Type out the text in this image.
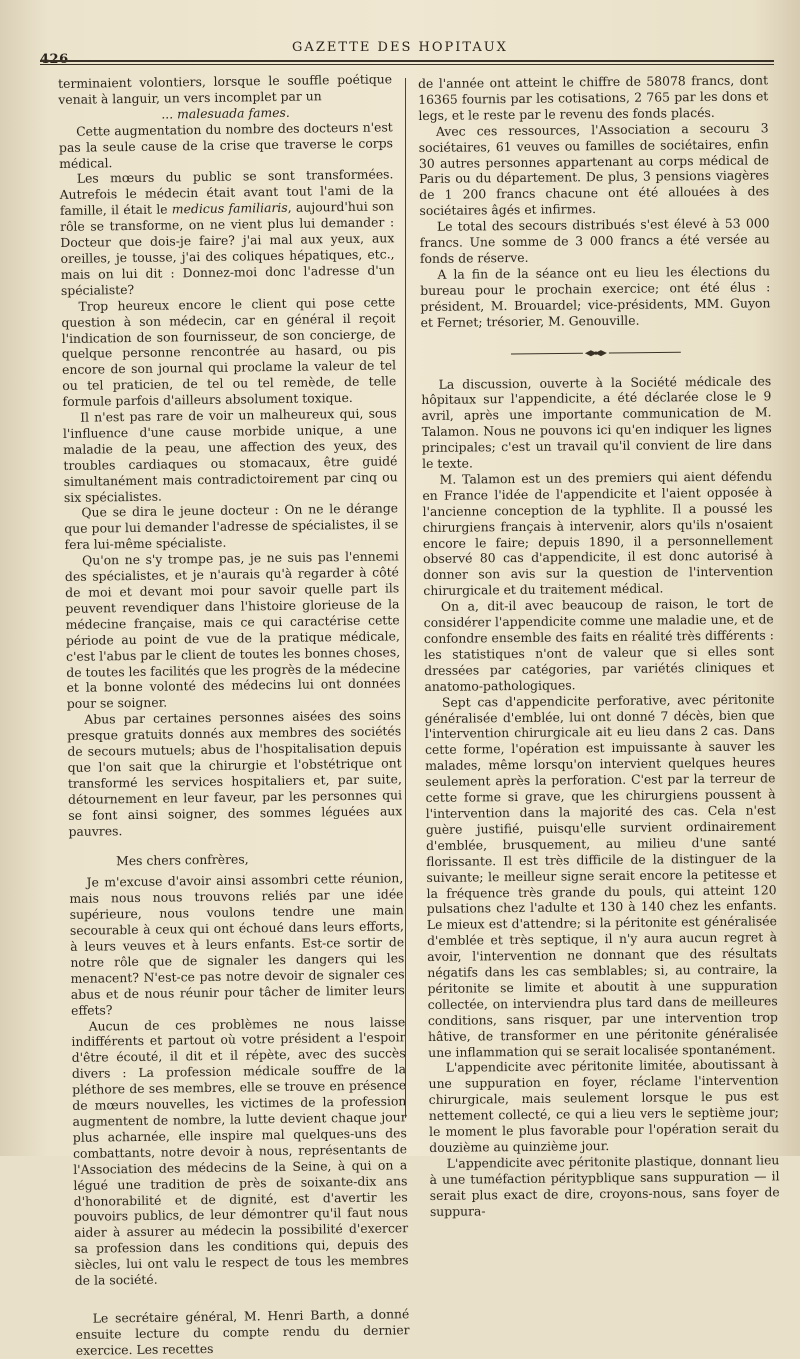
426
GAZETTE DES HOPITAUX

terminaient volontiers, lorsque le souffle poétique venait à languir, un vers incomplet par un

... malesuada fames.

Cette augmentation du nombre des docteurs n'est pas la seule cause de la crise que traverse le corps médical.

Les mœurs du public se sont transformées. Autrefois le médecin était avant tout l'ami de la famille, il était le medicus familiaris, aujourd'hui son rôle se transforme, on ne vient plus lui demander : Docteur que dois-je faire? j'ai mal aux yeux, aux oreilles, je tousse, j'ai des coliques hépatiques, etc., mais on lui dit : Donnez-moi donc l'adresse d'un spécialiste?

Trop heureux encore le client qui pose cette question à son médecin, car en général il reçoit l'indication de son fournisseur, de son concierge, de quelque personne rencontrée au hasard, ou pis encore de son journal qui proclame la valeur de tel ou tel praticien, de tel ou tel remède, de telle formule parfois d'ailleurs absolument toxique.

Il n'est pas rare de voir un malheureux qui, sous l'influence d'une cause morbide unique, a une maladie de la peau, une affection des yeux, des troubles cardiaques ou stomacaux, être guidé simultanément mais contradictoirement par cinq ou six spécialistes.

Que se dira le jeune docteur : On ne le dérange que pour lui demander l'adresse de spécialistes, il se fera lui-même spécialiste.

Qu'on ne s'y trompe pas, je ne suis pas l'ennemi des spécialistes, et je n'aurais qu'à regarder à côté de moi et devant moi pour savoir quelle part ils peuvent revendiquer dans l'histoire glorieuse de la médecine française, mais ce qui caractérise cette période au point de vue de la pratique médicale, c'est l'abus par le client de toutes les bonnes choses, de toutes les facilités que les progrès de la médecine et la bonne volonté des médecins lui ont données pour se soigner.

Abus par certaines personnes aisées des soins presque gratuits donnés aux membres des sociétés de secours mutuels; abus de l'hospitalisation depuis que l'on sait que la chirurgie et l'obstétrique ont transformé les services hospitaliers et, par suite, détournement en leur faveur, par les personnes qui se font ainsi soigner, des sommes léguées aux pauvres.

Mes chers confrères,

Je m'excuse d'avoir ainsi assombri cette réunion, mais nous nous trouvons reliés par une idée supérieure, nous voulons tendre une main secourable à ceux qui ont échoué dans leurs efforts, à leurs veuves et à leurs enfants. Est-ce sortir de notre rôle que de signaler les dangers qui les menacent? N'est-ce pas notre devoir de signaler ces abus et de nous réunir pour tâcher de limiter leurs effets?

Aucun de ces problèmes ne nous laisse indifférents et partout où votre président a l'espoir d'être écouté, il dit et il répète, avec des succès divers : La profession médicale souffre de la pléthore de ses membres, elle se trouve en présence de mœurs nouvelles, les victimes de la profession augmentent de nombre, la lutte devient chaque jour plus acharnée, elle inspire mal quelques-uns des combattants, notre devoir à nous, représentants de l'Association des médecins de la Seine, à qui on a légué une tradition de près de soixante-dix ans d'honorabilité et de dignité, est d'avertir les pouvoirs publics, de leur démontrer qu'il faut nous aider à assurer au médecin la possibilité d'exercer sa profession dans les conditions qui, depuis des siècles, lui ont valu le respect de tous les membres de la société.

Le secrétaire général, M. Henri Barth, a donné ensuite lecture du compte rendu du dernier exercice. Les recettes

de l'année ont atteint le chiffre de 58078 francs, dont 16365 fournis par les cotisations, 2 765 par les dons et legs, et le reste par le revenu des fonds placés.

Avec ces ressources, l'Association a secouru 3 sociétaires, 61 veuves ou familles de sociétaires, enfin 30 autres personnes appartenant au corps médical de Paris ou du département. De plus, 3 pensions viagères de 1 200 francs chacune ont été allouées à des sociétaires âgés et infirmes.

Le total des secours distribués s'est élevé à 53 000 francs. Une somme de 3 000 francs a été versée au fonds de réserve.

A la fin de la séance ont eu lieu les élections du bureau pour le prochain exercice; ont été élus : président, M. Brouardel; vice-présidents, MM. Guyon et Fernet; trésorier, M. Genouville.

La discussion, ouverte à la Société médicale des hôpitaux sur l'appendicite, a été déclarée close le 9 avril, après une importante communication de M. Talamon. Nous ne pouvons ici qu'en indiquer les lignes principales; c'est un travail qu'il convient de lire dans le texte.

M. Talamon est un des premiers qui aient défendu en France l'idée de l'appendicite et l'aient opposée à l'ancienne conception de la typhlite. Il a poussé les chirurgiens français à intervenir, alors qu'ils n'osaient encore le faire; depuis 1890, il a personnellement observé 80 cas d'appendicite, il est donc autorisé à donner son avis sur la question de l'intervention chirurgicale et du traitement médical.

On a, dit-il avec beaucoup de raison, le tort de considérer l'appendicite comme une maladie une, et de confondre ensemble des faits en réalité très différents : les statistiques n'ont de valeur que si elles sont dressées par catégories, par variétés cliniques et anatomo-pathologiques.

Sept cas d'appendicite perforative, avec péritonite généralisée d'emblée, lui ont donné 7 décès, bien que l'intervention chirurgicale ait eu lieu dans 2 cas. Dans cette forme, l'opération est impuissante à sauver les malades, même lorsqu'on intervient quelques heures seulement après la perforation. C'est par la terreur de cette forme si grave, que les chirurgiens poussent à l'intervention dans la majorité des cas. Cela n'est guère justifié, puisqu'elle survient ordinairement d'emblée, brusquement, au milieu d'une santé florissante. Il est très difficile de la distinguer de la suivante; le meilleur signe serait encore la petitesse et la fréquence très grande du pouls, qui atteint 120 pulsations chez l'adulte et 130 à 140 chez les enfants. Le mieux est d'attendre; si la péritonite est généralisée d'emblée et très septique, il n'y aura aucun regret à avoir, l'intervention ne donnant que des résultats négatifs dans les cas semblables; si, au contraire, la péritonite se limite et aboutit à une suppuration collectée, on interviendra plus tard dans de meilleures conditions, sans risquer, par une intervention trop hâtive, de transformer en une péritonite généralisée une inflammation qui se serait localisée spontanément.

L'appendicite avec péritonite limitée, aboutissant à une suppuration en foyer, réclame l'intervention chirurgicale, mais seulement lorsque le pus est nettement collecté, ce qui a lieu vers le septième jour; le moment le plus favorable pour l'opération serait du douzième au quinzième jour.

L'appendicite avec péritonite plastique, donnant lieu à une tuméfaction péritypblique sans suppuration — il serait plus exact de dire, croyons-nous, sans foyer de suppura-
